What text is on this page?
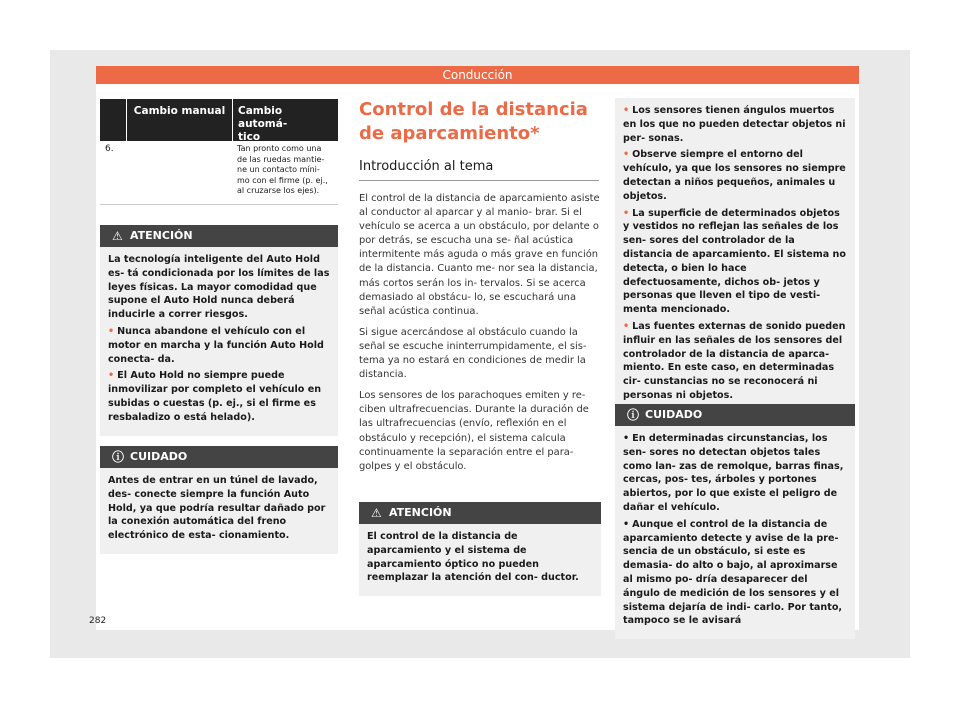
Conducción
Cambio manual	Cambio automá-
tico
6.	Tan pronto como una de las ruedas mantie- ne un contacto míni- mo con el firme (p. ej., al cruzarse los ejes).
⚠ ATENCIÓN

La tecnología inteligente del Auto Hold es- tá condicionada por los límites de las leyes físicas. La mayor comodidad que supone el Auto Hold nunca deberá inducirle a correr riesgos.

• Nunca abandone el vehículo con el motor en marcha y la función Auto Hold conecta- da.

• El Auto Hold no siempre puede inmovilizar por completo el vehículo en subidas o cuestas (p. ej., si el firme es resbaladizo o está helado).

ⓘ CUIDADO

Antes de entrar en un túnel de lavado, des- conecte siempre la función Auto Hold, ya que podría resultar dañado por la conexión automática del freno electrónico de esta- cionamiento.

Control de la distancia de aparcamiento*
Introducción al tema

El control de la distancia de aparcamiento asiste al conductor al aparcar y al manio- brar. Si el vehículo se acerca a un obstáculo, por delante o por detrás, se escucha una se- ñal acústica intermitente más aguda o más grave en función de la distancia. Cuanto me- nor sea la distancia, más cortos serán los in- tervalos. Si se acerca demasiado al obstácu- lo, se escuchará una señal acústica continua.

Si sigue acercándose al obstáculo cuando la señal se escuche ininterrumpidamente, el sis- tema ya no estará en condiciones de medir la distancia.

Los sensores de los parachoques emiten y re- ciben ultrafrecuencias. Durante la duración de las ultrafrecuencias (envío, reflexión en el obstáculo y recepción), el sistema calcula continuamente la separación entre el para- golpes y el obstáculo.

⚠ ATENCIÓN

El control de la distancia de aparcamiento y el sistema de aparcamiento óptico no pueden reemplazar la atención del con- ductor.

• Los sensores tienen ángulos muertos en los que no pueden detectar objetos ni per- sonas.

• Observe siempre el entorno del vehículo, ya que los sensores no siempre detectan a niños pequeños, animales u objetos.

• La superficie de determinados objetos y vestidos no reflejan las señales de los sen- sores del controlador de la distancia de aparcamiento. El sistema no detecta, o bien lo hace defectuosamente, dichos ob- jetos y personas que lleven el tipo de vesti- menta mencionado.

• Las fuentes externas de sonido pueden influir en las señales de los sensores del controlador de la distancia de aparca- miento. En este caso, en determinadas cir- cunstancias no se reconocerá ni personas ni objetos.

ⓘ CUIDADO

• En determinadas circunstancias, los sen- sores no detectan objetos tales como lan- zas de remolque, barras finas, cercas, pos- tes, árboles y portones abiertos, por lo que existe el peligro de dañar el vehículo.

• Aunque el control de la distancia de aparcamiento detecte y avise de la pre- sencia de un obstáculo, si este es demasia- do alto o bajo, al aproximarse al mismo po- dría desaparecer del ángulo de medición de los sensores y el sistema dejaría de indi- carlo. Por tanto, tampoco se le avisará

282
